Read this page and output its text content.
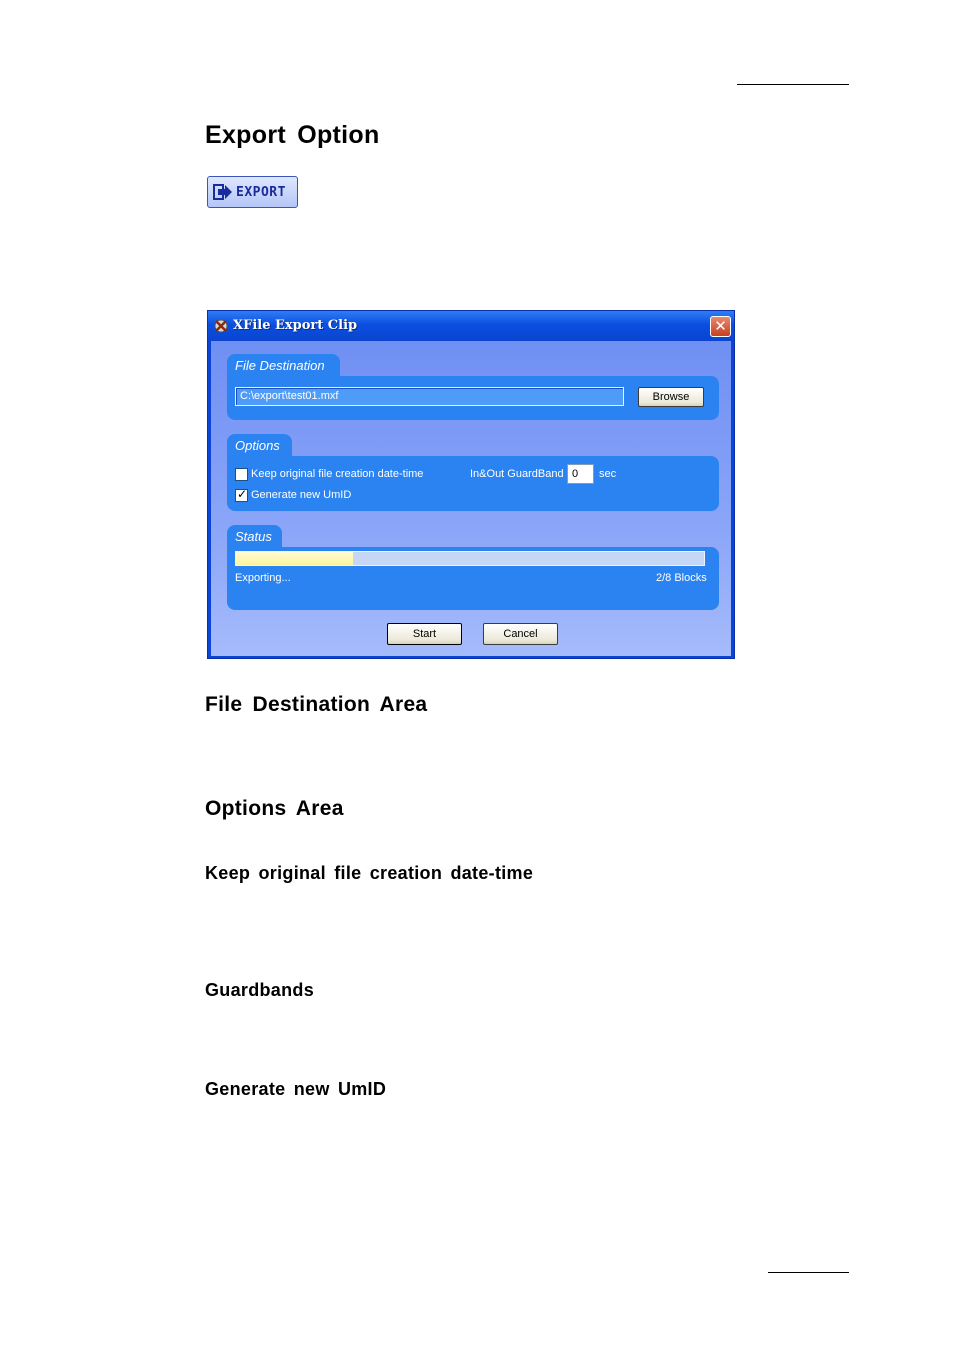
Export Option
EXPORT
XFile Export Clip	✕
File Destination
C:\export\test01.mxf	Browse
Options
Keep original file creation date-time	In&Out GuardBand 0	sec
✓ Generate new UmID
Status
Exporting...	2/8 Blocks
Start	Cancel
File Destination Area
Options Area
Keep original file creation date-time
Guardbands
Generate new UmID
